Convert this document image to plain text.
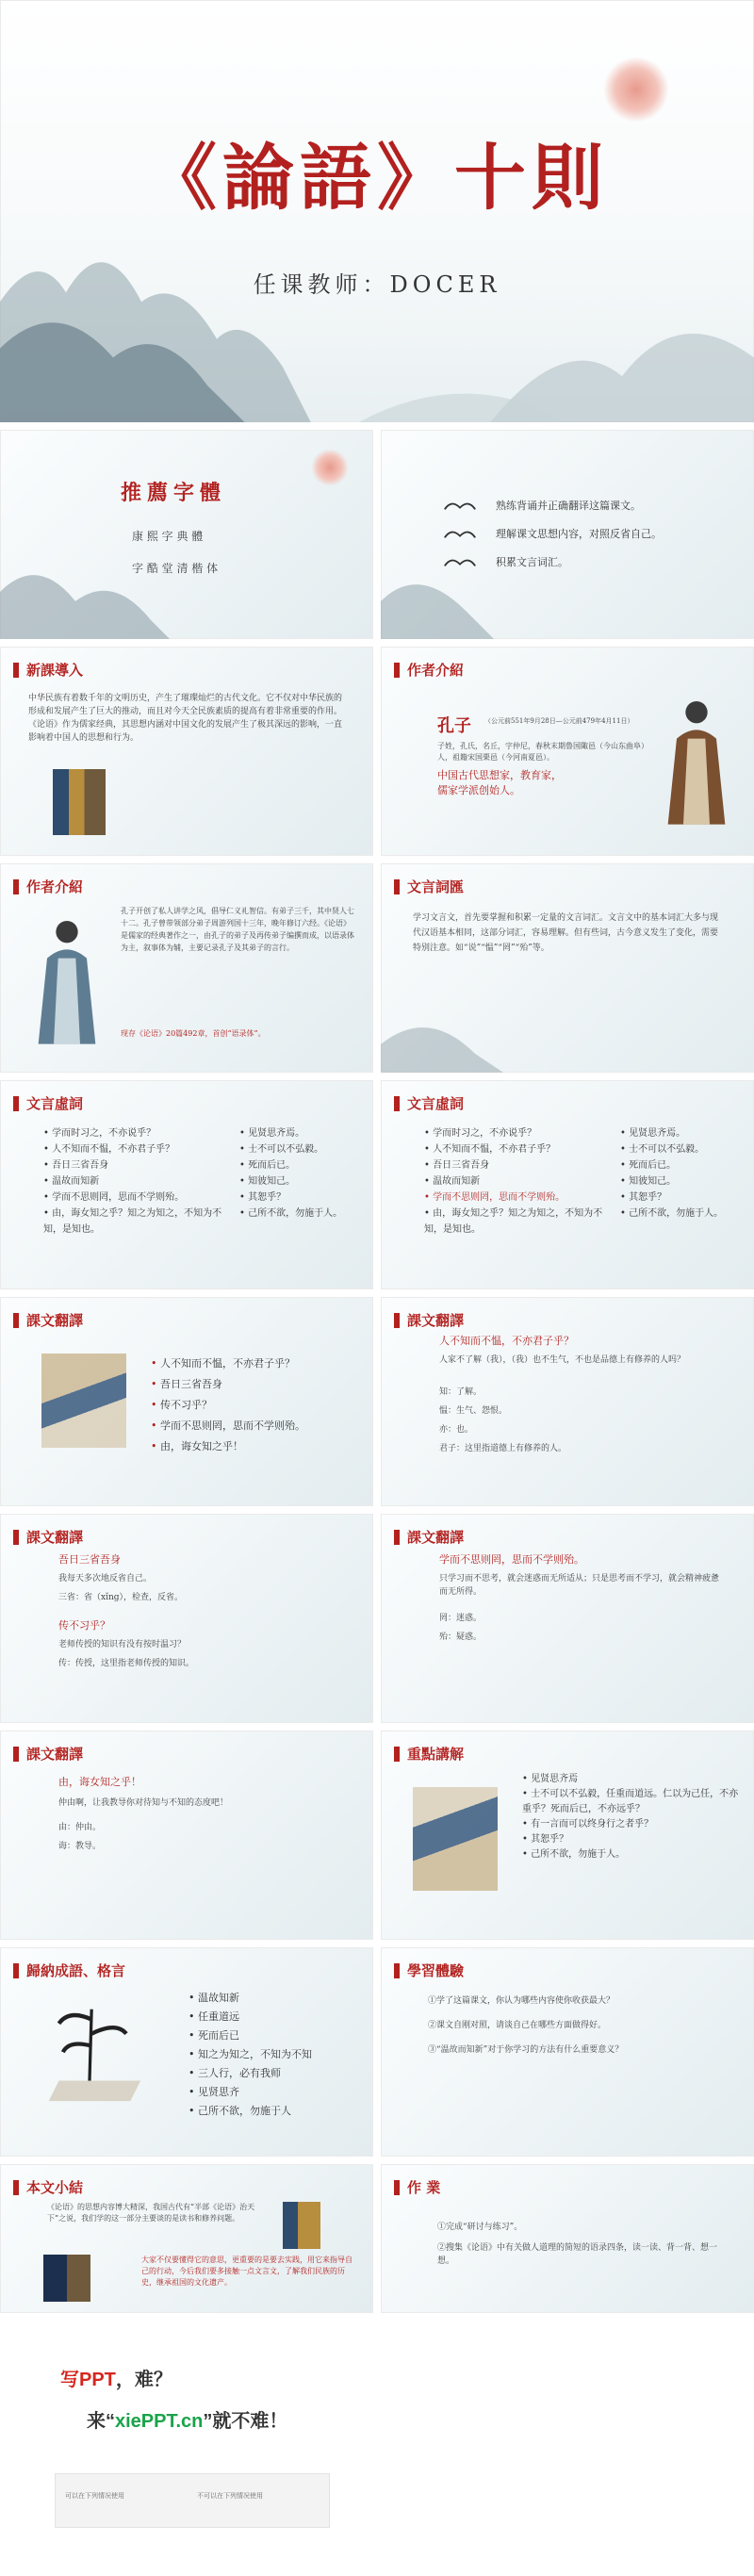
《論語》十則
任课教师：DOCER
推薦字體
康 熙 字 典 體
字 酷 堂 清 楷 体
熟练背诵并正确翻译这篇课文。
理解课文思想内容，对照反省自己。
积累文言词汇。
新課導入
中华民族有着数千年的文明历史，产生了璀璨灿烂的古代文化。它不仅对中华民族的形成和发展产生了巨大的推动，而且对今天全民族素质的提高有着非常重要的作用。《论语》作为儒家经典，其思想内涵对中国文化的发展产生了极其深远的影响，一直影响着中国人的思想和行为。
作者介紹
孔子 （公元前551年9月28日—公元前479年4月11日）
子姓，孔氏，名丘，字仲尼，春秋末期鲁国陬邑（今山东曲阜）人，祖籍宋国栗邑（今河南夏邑）。
中国古代思想家，教育家，
儒家学派创始人。
作者介紹
孔子开创了私人讲学之风，倡导仁义礼智信。有弟子三千，其中贤人七十二。孔子曾带领部分弟子周游列国十三年，晚年修订六经。《论语》是儒家的经典著作之一，由孔子的弟子及再传弟子编撰而成，以语录体为主，叙事体为辅，主要记录孔子及其弟子的言行。
现存《论语》20篇492章，首创“语录体”。
文言詞匯
学习文言文，首先要掌握和积累一定量的文言词汇。文言文中的基本词汇大多与现代汉语基本相同，这部分词汇，容易理解。但有些词，古今意义发生了变化，需要特别注意。如“说”“愠”“罔”“殆”等。
文言虛詞
• 学而时习之，不亦说乎？
• 人不知而不愠，不亦君子乎？
• 吾日三省吾身
• 温故而知新
• 学而不思则罔，思而不学则殆。
• 由，诲女知之乎？知之为知之，不知为不知，是知也。
• 见贤思齐焉。
• 士不可以不弘毅。
• 死而后已。
• 知彼知己。
• 其恕乎？
• 己所不欲，勿施于人。
文言虛詞
• 学而时习之，不亦说乎？
• 人不知而不愠，不亦君子乎？
• 吾日三省吾身
• 温故而知新
• 学而不思则罔，思而不学则殆。
• 由，诲女知之乎？知之为知之，不知为不知，是知也。
• 见贤思齐焉。
• 士不可以不弘毅。
• 死而后已。
• 知彼知己。
• 其恕乎？
• 己所不欲，勿施于人。
課文翻譯
• 人不知而不愠，不亦君子乎？
• 吾日三省吾身
• 传不习乎？
• 学而不思则罔，思而不学则殆。
• 由，诲女知之乎！
課文翻譯
人不知而不愠，不亦君子乎？
人家不了解（我），（我）也不生气，不也是品德上有修养的人吗？
知：了解。
愠：生气、怨恨。
亦：也。
君子：这里指道德上有修养的人。
課文翻譯
吾日三省吾身
我每天多次地反省自己。
三省：省（xǐng），检查，反省。
传不习乎？
老师传授的知识有没有按时温习？
传：传授，这里指老师传授的知识。
課文翻譯
学而不思则罔，思而不学则殆。
只学习而不思考，就会迷惑而无所适从；只是思考而不学习，就会精神疲惫而无所得。
罔：迷惑。
殆：疑惑。
課文翻譯
由，诲女知之乎！
仲由啊，让我教导你对待知与不知的态度吧！
由：仲由。
诲：教导。
重點講解
• 见贤思齐焉
• 士不可以不弘毅，任重而道远。仁以为己任，不亦重乎？死而后已，不亦远乎？
• 有一言而可以终身行之者乎？
• 其恕乎？
• 己所不欲，勿施于人。
歸納成語、格言
• 温故知新
• 任重道远
• 死而后已
• 知之为知之，不知为不知
• 三人行，必有我师
• 见贤思齐
• 己所不欲，勿施于人
學習體驗
①学了这篇课文，你认为哪些内容使你收获最大？
②课文自刚对照，请谈自己在哪些方面做得好。
③“温故而知新”对于你学习的方法有什么重要意义？
本文小結
《论语》的思想内容博大精深，我国古代有“半部《论语》治天下”之说，我们学的这一部分主要谈的是读书和修养问题。
大家不仅要懂得它的意思，更重要的是要去实践，用它来指导自己的行动，今后我们要多接触一点文言文，了解我们民族的历史，继承祖国的文化遗产。
作 業
①完成“研讨与练习”。
②搜集《论语》中有关做人道理的简短的语录四条，读一读、背一背、想一想。
写PPT，难？
来“xiePPT.cn”就不难！
可以在下列情况使用	不可以在下列情况使用
